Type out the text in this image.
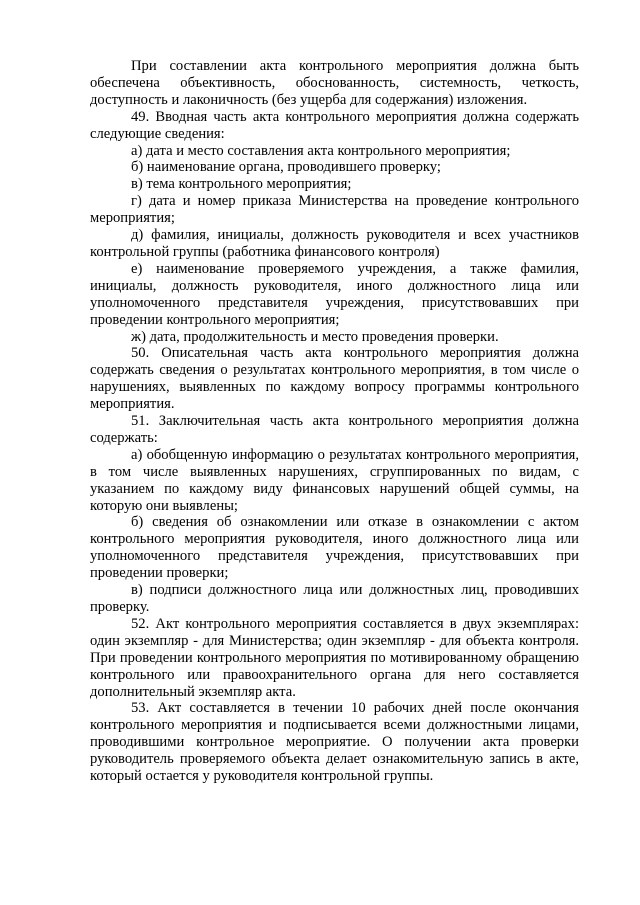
При составлении акта контрольного мероприятия должна быть обеспечена объективность, обоснованность, системность, четкость, доступность и лаконичность (без ущерба для содержания) изложения.

49. Вводная часть акта контрольного мероприятия должна содержать следующие сведения:

а) дата и место составления акта контрольного мероприятия;

б) наименование органа, проводившего проверку;

в) тема контрольного мероприятия;

г) дата и номер приказа Министерства на проведение контрольного мероприятия;

д) фамилия, инициалы, должность руководителя и всех участников контрольной группы (работника финансового контроля)

е) наименование проверяемого учреждения, а также фамилия, инициалы, должность руководителя, иного должностного лица или уполномоченного представителя учреждения, присутствовавших при проведении контрольного мероприятия;

ж) дата, продолжительность и место проведения проверки.

50. Описательная часть акта контрольного мероприятия должна содержать сведения о результатах контрольного мероприятия, в том числе о нарушениях, выявленных по каждому вопросу программы контрольного мероприятия.

51. Заключительная часть акта контрольного мероприятия должна содержать:

а) обобщенную информацию о результатах контрольного мероприятия, в том числе выявленных нарушениях, сгруппированных по видам, с указанием по каждому виду финансовых нарушений общей суммы, на которую они выявлены;

б) сведения об ознакомлении или отказе в ознакомлении с актом контрольного мероприятия руководителя, иного должностного лица или уполномоченного представителя учреждения, присутствовавших при проведении проверки;

в) подписи должностного лица или должностных лиц, проводивших проверку.

52. Акт контрольного мероприятия составляется в двух экземплярах: один экземпляр - для Министерства; один экземпляр - для объекта контроля. При проведении контрольного мероприятия по мотивированному обращению контрольного или правоохранительного органа для него составляется дополнительный экземпляр акта.

53. Акт составляется в течении 10 рабочих дней после окончания контрольного мероприятия и подписывается всеми должностными лицами, проводившими контрольное мероприятие. О получении акта проверки руководитель проверяемого объекта делает ознакомительную запись в акте, который остается у руководителя контрольной группы.
